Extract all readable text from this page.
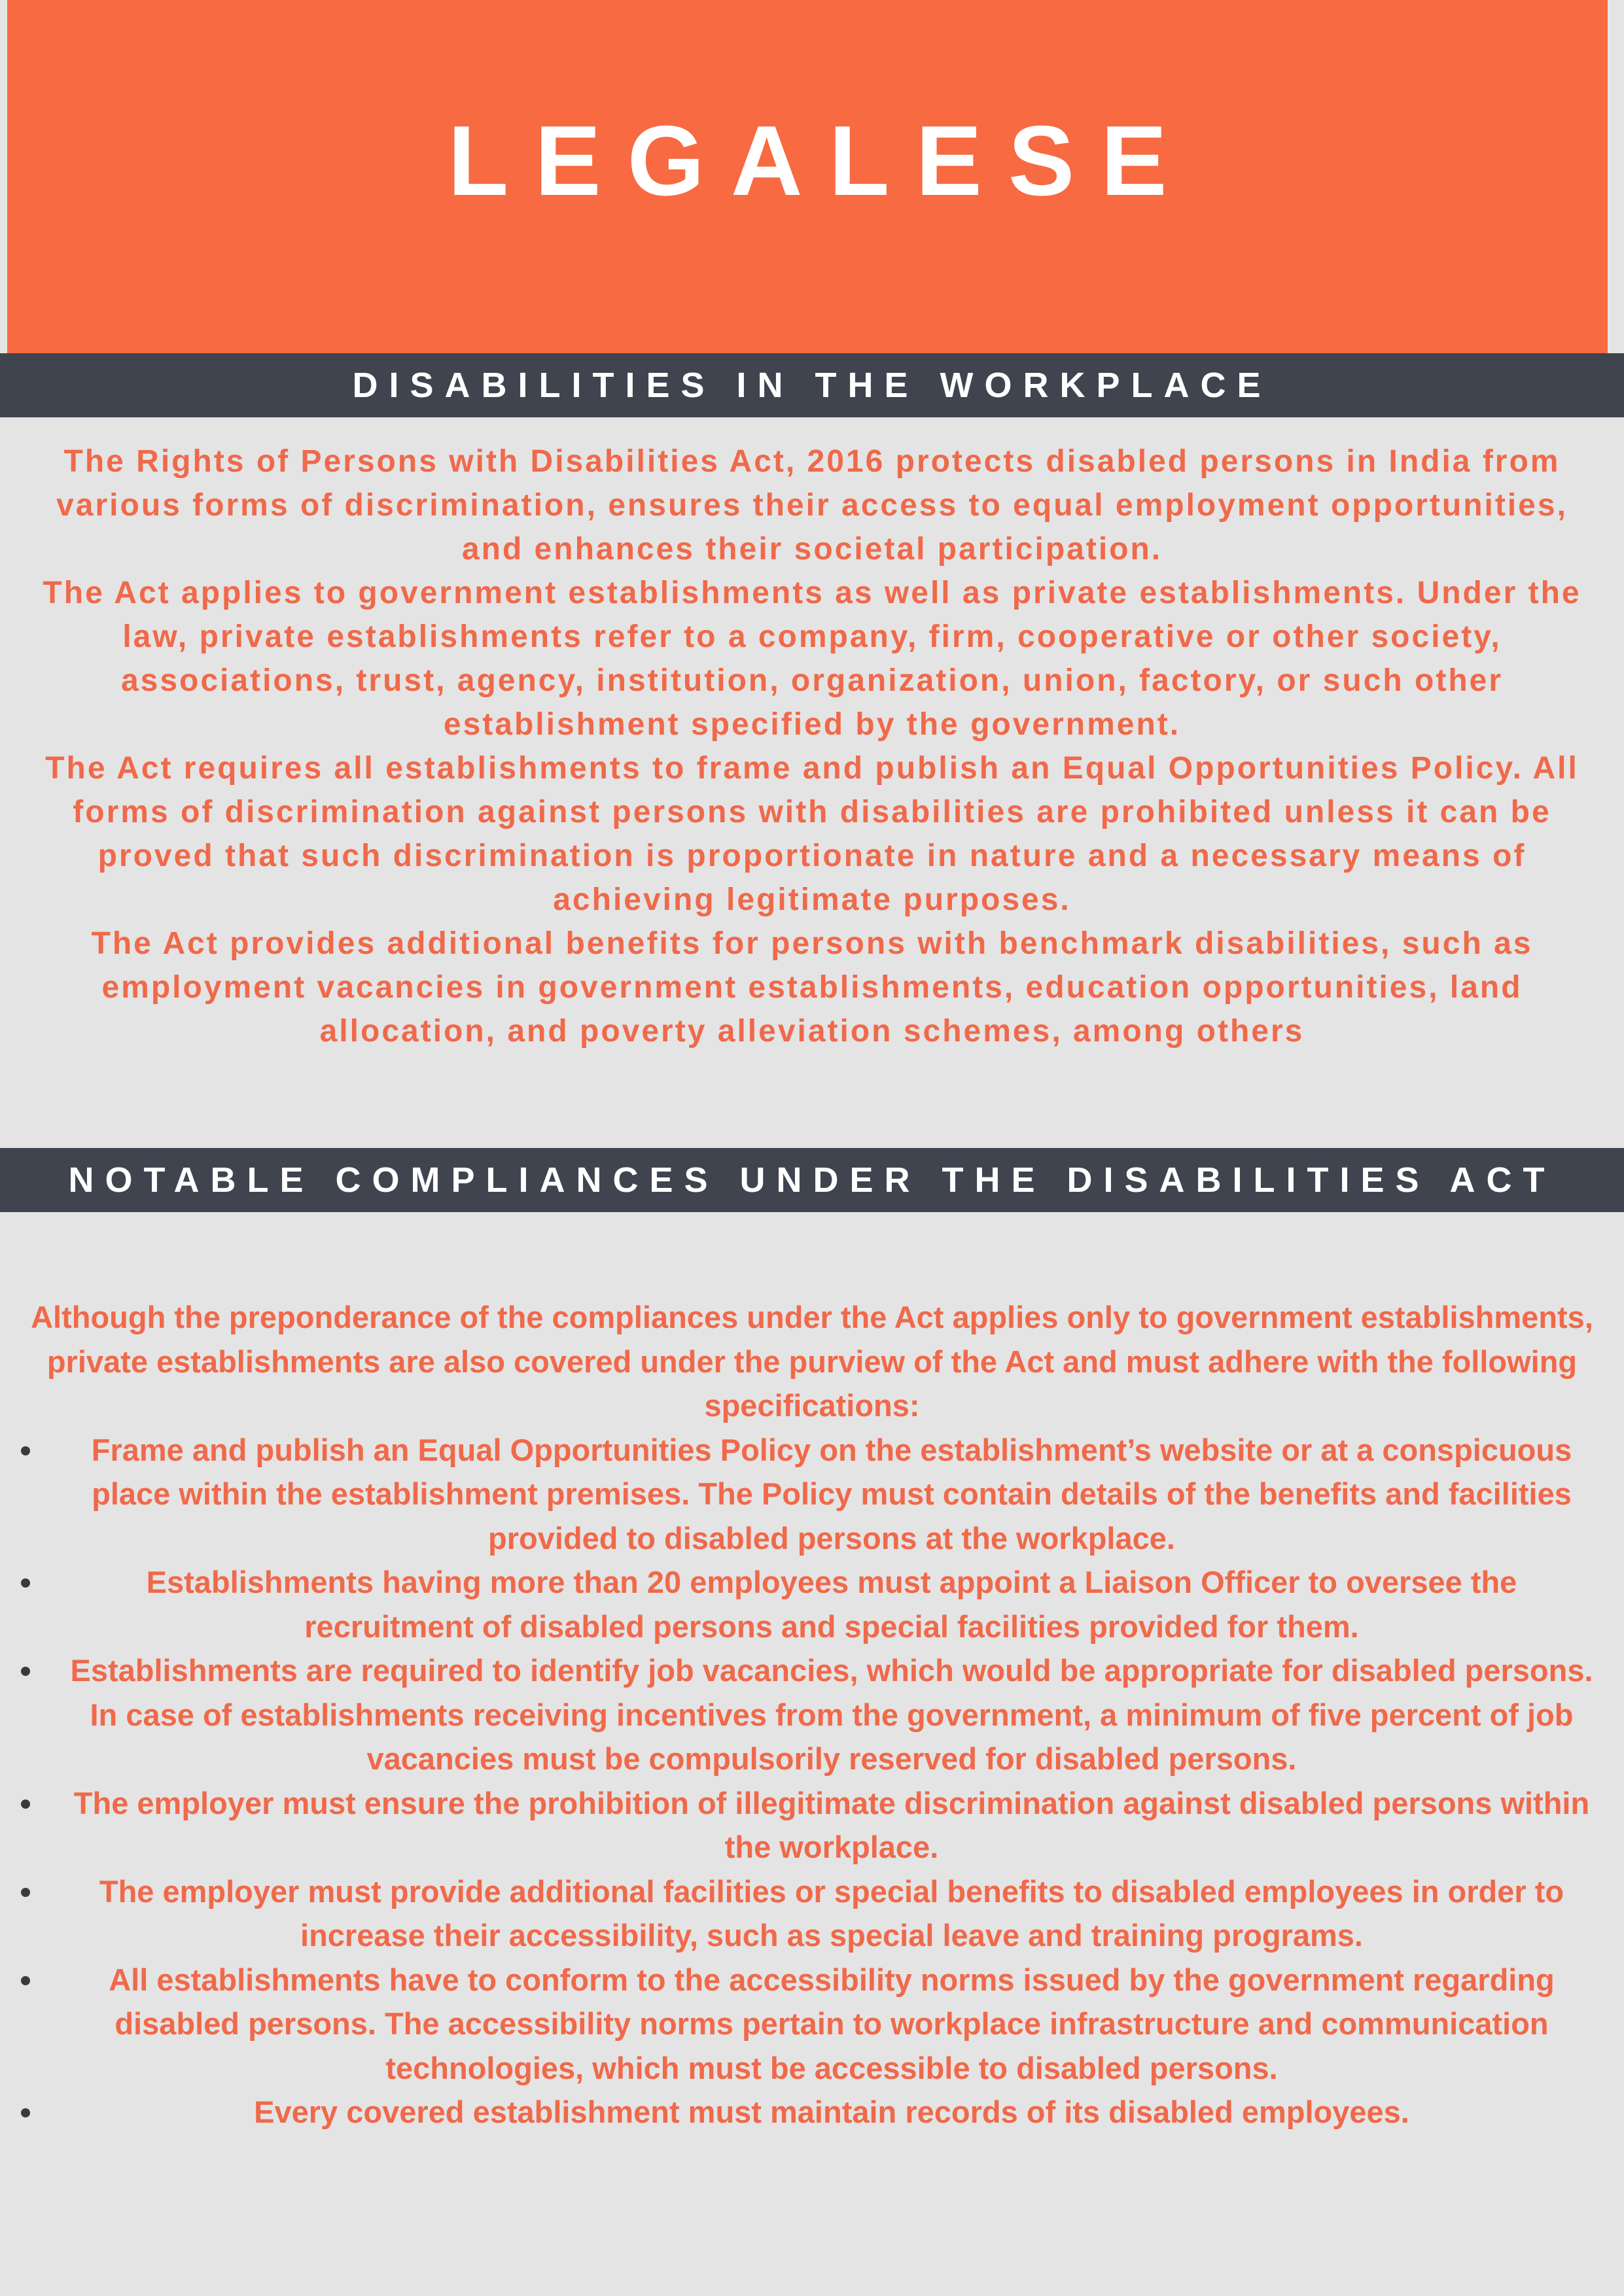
LEGALESE
DISABILITIES IN THE WORKPLACE

The Rights of Persons with Disabilities Act, 2016 protects disabled persons in India from various forms of discrimination, ensures their access to equal employment opportunities, and enhances their societal participation.

The Act applies to government establishments as well as private establishments. Under the law, private establishments refer to a company, firm, cooperative or other society, associations, trust, agency, institution, organization, union, factory, or such other establishment specified by the government.

The Act requires all establishments to frame and publish an Equal Opportunities Policy. All forms of discrimination against persons with disabilities are prohibited unless it can be proved that such discrimination is proportionate in nature and a necessary means of achieving legitimate purposes.

The Act provides additional benefits for persons with benchmark disabilities, such as employment vacancies in government establishments, education opportunities, land allocation, and poverty alleviation schemes, among others

NOTABLE COMPLIANCES UNDER THE DISABILITIES ACT

Although the preponderance of the compliances under the Act applies only to government establishments, private establishments are also covered under the purview of the Act and must adhere with the following specifications:

Frame and publish an Equal Opportunities Policy on the establishment’s website or at a conspicuous place within the establishment premises. The Policy must contain details of the benefits and facilities provided to disabled persons at the workplace.
Establishments having more than 20 employees must appoint a Liaison Officer to oversee the recruitment of disabled persons and special facilities provided for them.
Establishments are required to identify job vacancies, which would be appropriate for disabled persons. In case of establishments receiving incentives from the government, a minimum of five percent of job vacancies must be compulsorily reserved for disabled persons.
The employer must ensure the prohibition of illegitimate discrimination against disabled persons within the workplace.
The employer must provide additional facilities or special benefits to disabled employees in order to increase their accessibility, such as special leave and training programs.
All establishments have to conform to the accessibility norms issued by the government regarding disabled persons. The accessibility norms pertain to workplace infrastructure and communication technologies, which must be accessible to disabled persons.
Every covered establishment must maintain records of its disabled employees.
